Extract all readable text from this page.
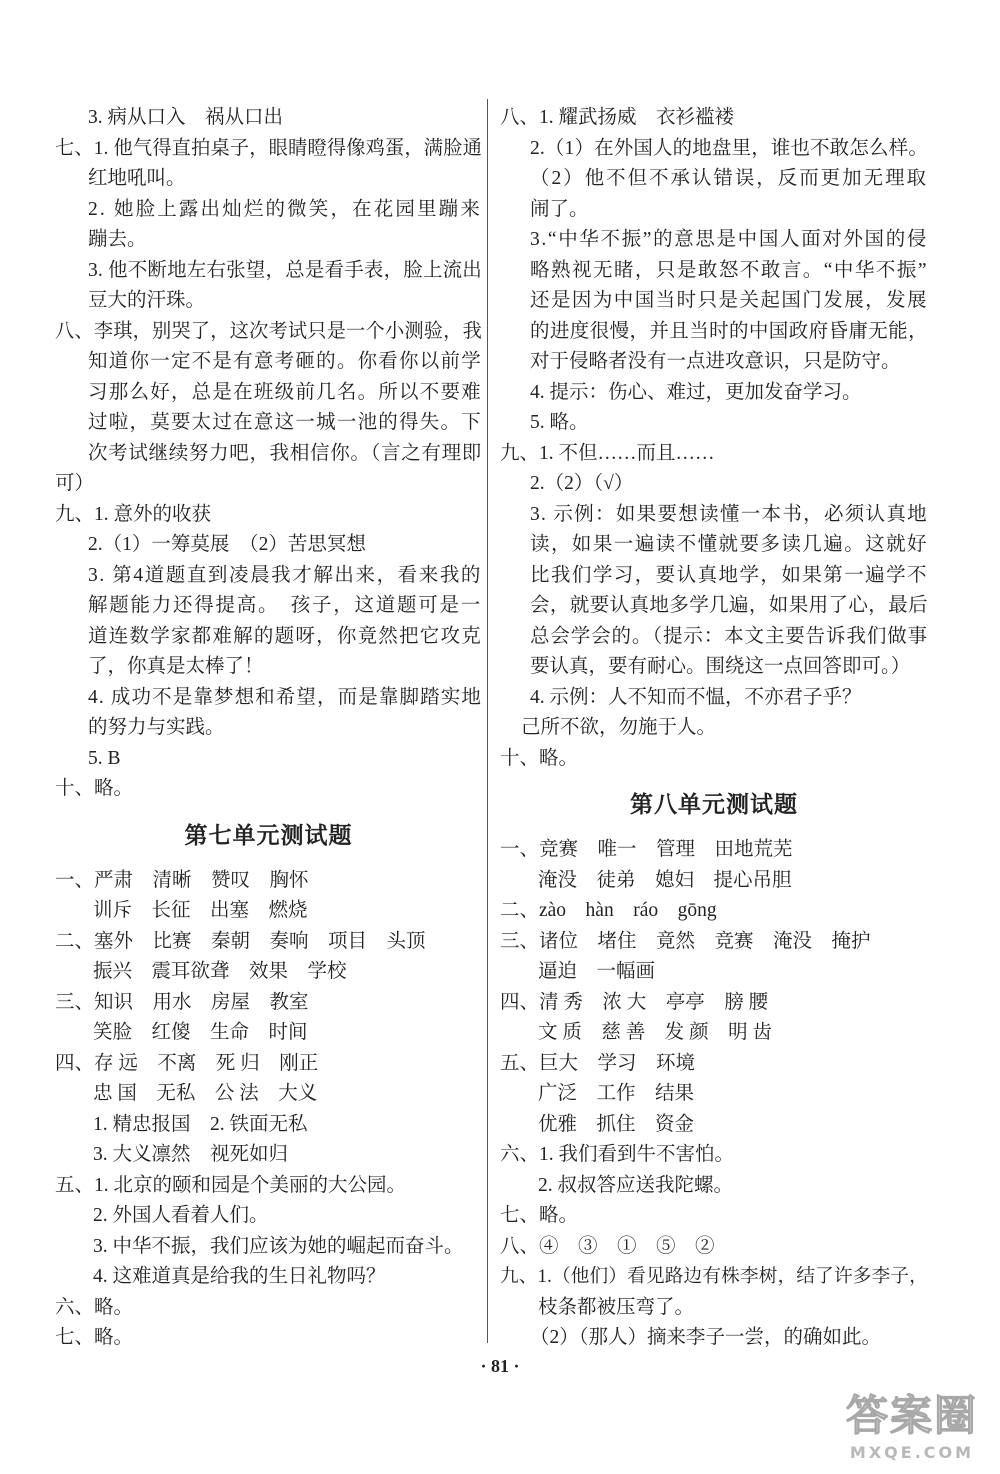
3. 病从口入　祸从口出
七、1. 他气得直拍桌子，眼睛瞪得像鸡蛋，满脸通
红地吼叫。
2. 她脸上露出灿烂的微笑，在花园里蹦来
蹦去。
3. 他不断地左右张望，总是看手表，脸上流出
豆大的汗珠。
八、李琪，别哭了，这次考试只是一个小测验，我
知道你一定不是有意考砸的。你看你以前学
习那么好，总是在班级前几名。所以不要难
过啦，莫要太过在意这一城一池的得失。下
次考试继续努力吧，我相信你。（言之有理即
可）
九、1. 意外的收获
2.（1）一筹莫展　（2）苦思冥想
3. 第4道题直到凌晨我才解出来，看来我的
解题能力还得提高。　孩子，这道题可是一
道连数学家都难解的题呀，你竟然把它攻克
了，你真是太棒了！
4. 成功不是靠梦想和希望，而是靠脚踏实地
的努力与实践。
5. B
十、略。
第七单元测试题
一、严肃　清晰　赞叹　胸怀
训斥　长征　出塞　燃烧
二、塞外　比赛　秦朝　奏响　项目　头顶
振兴　震耳欲聋　效果　学校
三、知识　用水　房屋　教室
笑脸　红傻　生命　时间
四、存 远　不离　死 归　刚正
忠 国　无私　公 法　大义
1. 精忠报国　2. 铁面无私
3. 大义凛然　视死如归
五、1. 北京的颐和园是个美丽的大公园。
2. 外国人看着人们。
3. 中华不振，我们应该为她的崛起而奋斗。
4. 这难道真是给我的生日礼物吗？
六、略。
七、略。
八、1. 耀武扬威　衣衫褴褛
2.（1）在外国人的地盘里，谁也不敢怎么样。
（2）他不但不承认错误，反而更加无理取
闹了。
3.“中华不振”的意思是中国人面对外国的侵
略熟视无睹，只是敢怒不敢言。“中华不振”
还是因为中国当时只是关起国门发展，发展
的进度很慢，并且当时的中国政府昏庸无能，
对于侵略者没有一点进攻意识，只是防守。
4. 提示：伤心、难过，更加发奋学习。
5. 略。
九、1. 不但……而且……
2.（2）（√）
3. 示例：如果要想读懂一本书，必须认真地
读，如果一遍读不懂就要多读几遍。这就好
比我们学习，要认真地学，如果第一遍学不
会，就要认真地多学几遍，如果用了心，最后
总会学会的。（提示：本文主要告诉我们做事
要认真，要有耐心。围绕这一点回答即可。）
4. 示例：人不知而不愠，不亦君子乎？
己所不欲，勿施于人。
十、略。
第八单元测试题
一、竞赛　唯一　管理　田地荒芜
淹没　徒弟　媳妇　提心吊胆
二、zào　hàn　ráo　gōng
三、诸位　堵住　竟然　竞赛　淹没　掩护
逼迫　一幅画
四、清 秀　浓 大　亭亭　膀 腰
文 质　慈 善　发 颜　明 齿
五、巨大　学习　环境
广泛　工作　结果
优雅　抓住　资金
六、1. 我们看到牛不害怕。
2. 叔叔答应送我陀螺。
七、略。
八、④　③　①　⑤　②
九、1.（他们）看见路边有株李树，结了许多李子，
枝条都被压弯了。
（2）（那人）摘来李子一尝，的确如此。
· 81 ·
答案圈
MXQE.COM
